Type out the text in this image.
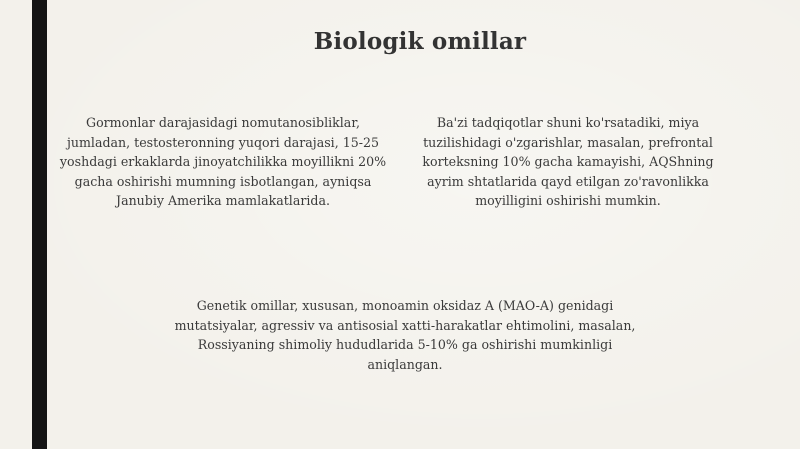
Biologik omillar

Gormonlar darajasidagi nomutanosibliklar, jumladan, testosteronning yuqori darajasi, 15-25 yoshdagi erkaklarda jinoyatchilikka moyillikni 20% gacha oshirishi mumning isbotlangan, ayniqsa Janubiy Amerika mamlakatlarida.

Ba'zi tadqiqotlar shuni ko'rsatadiki, miya tuzilishidagi o'zgarishlar, masalan, prefrontal korteksning 10% gacha kamayishi, AQShning ayrim shtatlarida qayd etilgan zo'ravonlikka moyilligini oshirishi mumkin.

Genetik omillar, xususan, monoamin oksidaz A (MAO-A) genidagi mutatsiyalar, agressiv va antisosial xatti-harakatlar ehtimolini, masalan, Rossiyaning shimoliy hududlarida 5-10% ga oshirishi mumkinligi aniqlangan.
